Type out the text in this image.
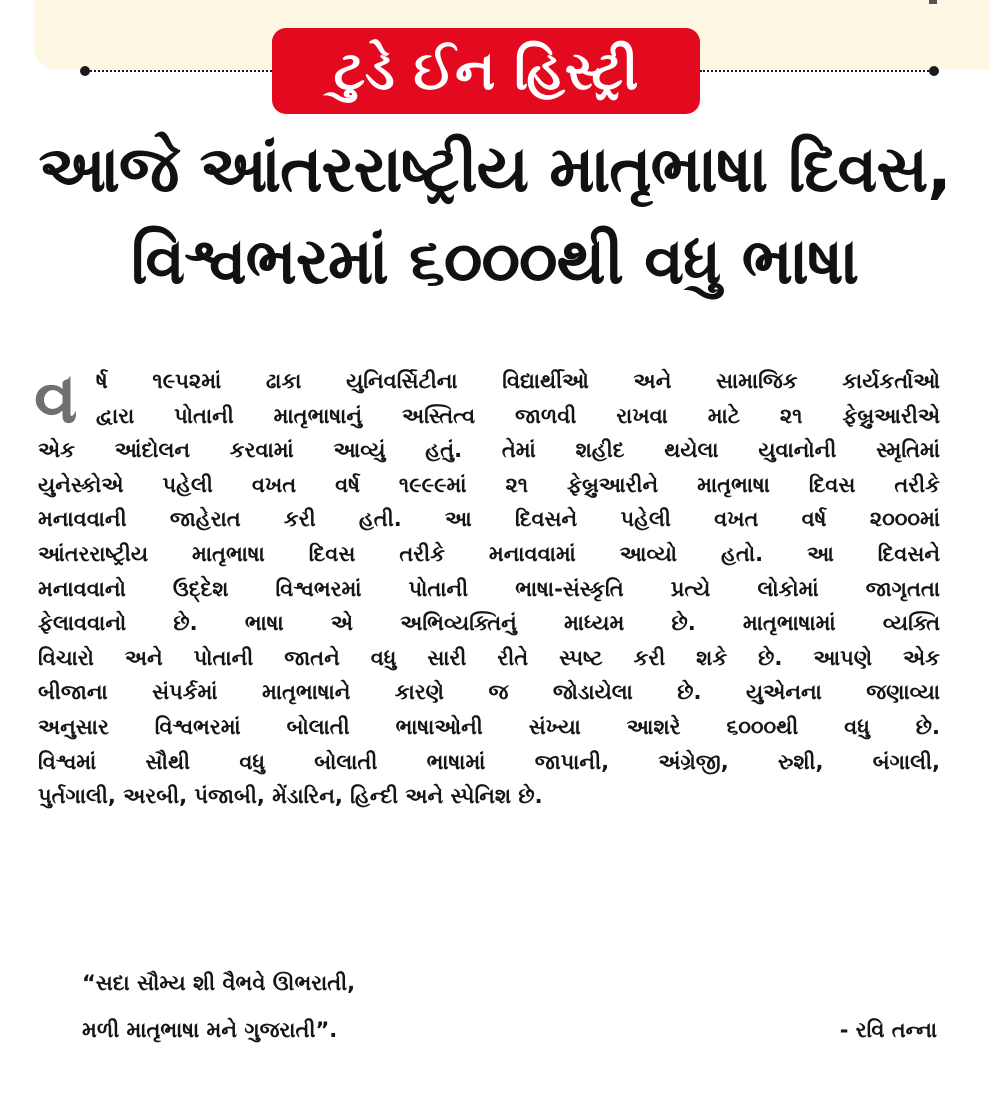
ટુડે ઈન હિસ્ટ્રી
આજે આંતરરાષ્ટ્રીય માતૃભાષા દિવસ,
વિશ્વભરમાં ૬૦૦૦થી વધુ ભાષા
વ ર્ષ ૧૯૫૨માં ઢાકા યુનિવર્સિટીના વિદ્યાર્થીઓ અને સામાજિક કાર્યકર્તાઓ
દ્વારા પોતાની માતૃભાષાનું અસ્તિત્વ જાળવી રાખવા માટે ૨૧ ફેબ્રુઆરીએ
એક આંદોલન કરવામાં આવ્યું હતું. તેમાં શહીદ થયેલા યુવાનોની સ્મૃતિમાં
યુનેસ્કોએ પહેલી વખત વર્ષ ૧૯૯૯માં ૨૧ ફેબ્રુઆરીને માતૃભાષા દિવસ તરીકે
મનાવવાની જાહેરાત કરી હતી. આ દિવસને પહેલી વખત વર્ષ ૨૦૦૦માં
આંતરરાષ્ટ્રીય માતૃભાષા દિવસ તરીકે મનાવવામાં આવ્યો હતો. આ દિવસને
મનાવવાનો ઉદ્દેશ વિશ્વભરમાં પોતાની ભાષા-સંસ્કૃતિ પ્રત્યે લોકોમાં જાગૃતતા
ફેલાવવાનો છે. ભાષા એ અભિવ્યક્તિનું માધ્યમ છે. માતૃભાષામાં વ્યક્તિ
વિચારો અને પોતાની જાતને વધુ સારી રીતે સ્પષ્ટ કરી શકે છે. આપણે એક
બીજાના સંપર્કમાં માતૃભાષાને કારણે જ જોડાયેલા છે. યુએનના જણાવ્યા
અનુસાર વિશ્વભરમાં બોલાતી ભાષાઓની સંખ્યા આશરે ૬૦૦૦થી વધુ છે.
વિશ્વમાં સૌથી વધુ બોલાતી ભાષામાં જાપાની, અંગ્રેજી, રુશી, બંગાલી,
પુર્તગાલી, અરબી, પંજાબી, મેંડારિન, હિન્દી અને સ્પેનિશ છે.
“સદા સૌમ્ય શી વૈભવે ઊભરાતી,
મળી માતૃભાષા મને ગુજરાતી”.	- રવિ તન્ના
